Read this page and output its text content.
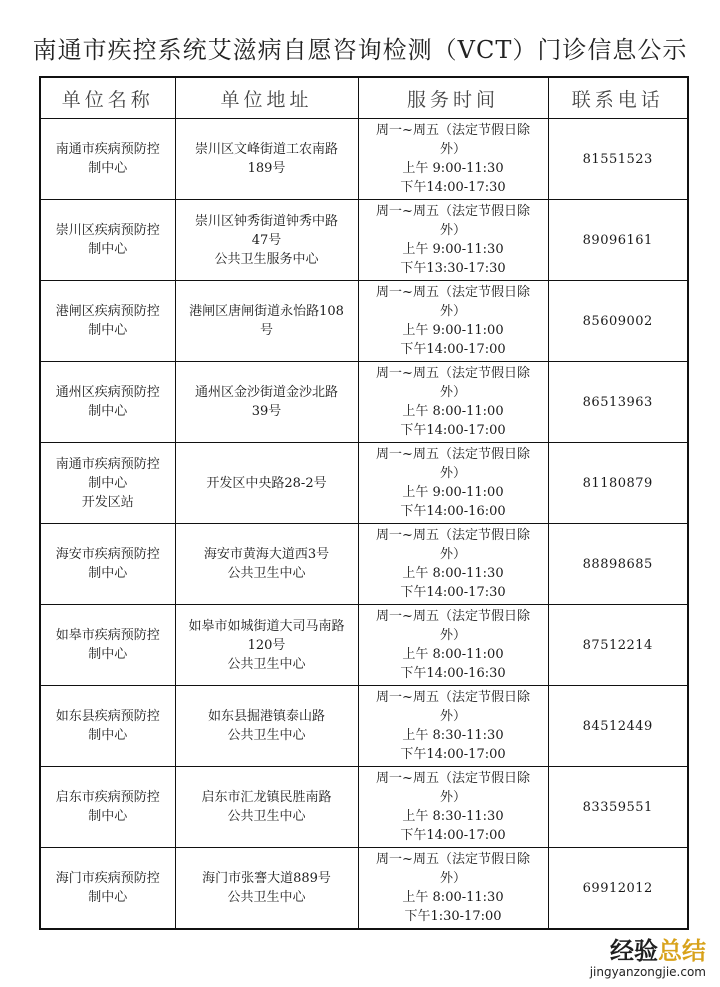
南通市疾控系统艾滋病自愿咨询检测（VCT）门诊信息公示
单位名称	单位地址	服务时间	联系电话

南通市疾病预防控
制中心	崇川区文峰街道工农南路
189号	周一~周五（法定节假日除
外）
上午 9:00-11:30
下午14:00-17:30	81551523

崇川区疾病预防控
制中心	崇川区钟秀街道钟秀中路
47号
公共卫生服务中心	周一~周五（法定节假日除
外）
上午 9:00-11:30
下午13:30-17:30	89096161

港闸区疾病预防控
制中心	港闸区唐闸街道永怡路108
号	周一~周五（法定节假日除
外）
上午 9:00-11:00
下午14:00-17:00	85609002

通州区疾病预防控
制中心	通州区金沙街道金沙北路
39号	周一~周五（法定节假日除
外）
上午 8:00-11:00
下午14:00-17:00	86513963

南通市疾病预防控
制中心
开发区站	开发区中央路28-2号	周一~周五（法定节假日除
外）
上午 9:00-11:00
下午14:00-16:00	81180879

海安市疾病预防控
制中心	海安市黄海大道西3号
公共卫生中心	周一~周五（法定节假日除
外）
上午 8:00-11:30
下午14:00-17:30	88898685

如皋市疾病预防控
制中心	如皋市如城街道大司马南路
120号
公共卫生中心	周一~周五（法定节假日除
外）
上午 8:00-11:00
下午14:00-16:30	87512214

如东县疾病预防控
制中心	如东县掘港镇泰山路
公共卫生中心	周一~周五（法定节假日除
外）
上午 8:30-11:30
下午14:00-17:00	84512449

启东市疾病预防控
制中心	启东市汇龙镇民胜南路
公共卫生中心	周一~周五（法定节假日除
外）
上午 8:30-11:30
下午14:00-17:00	83359551

海门市疾病预防控
制中心	海门市张謇大道889号
公共卫生中心	周一~周五（法定节假日除
外）
上午 8:00-11:30
下午1:30-17:00	69912012
经验总结
jingyanzongjie.com
